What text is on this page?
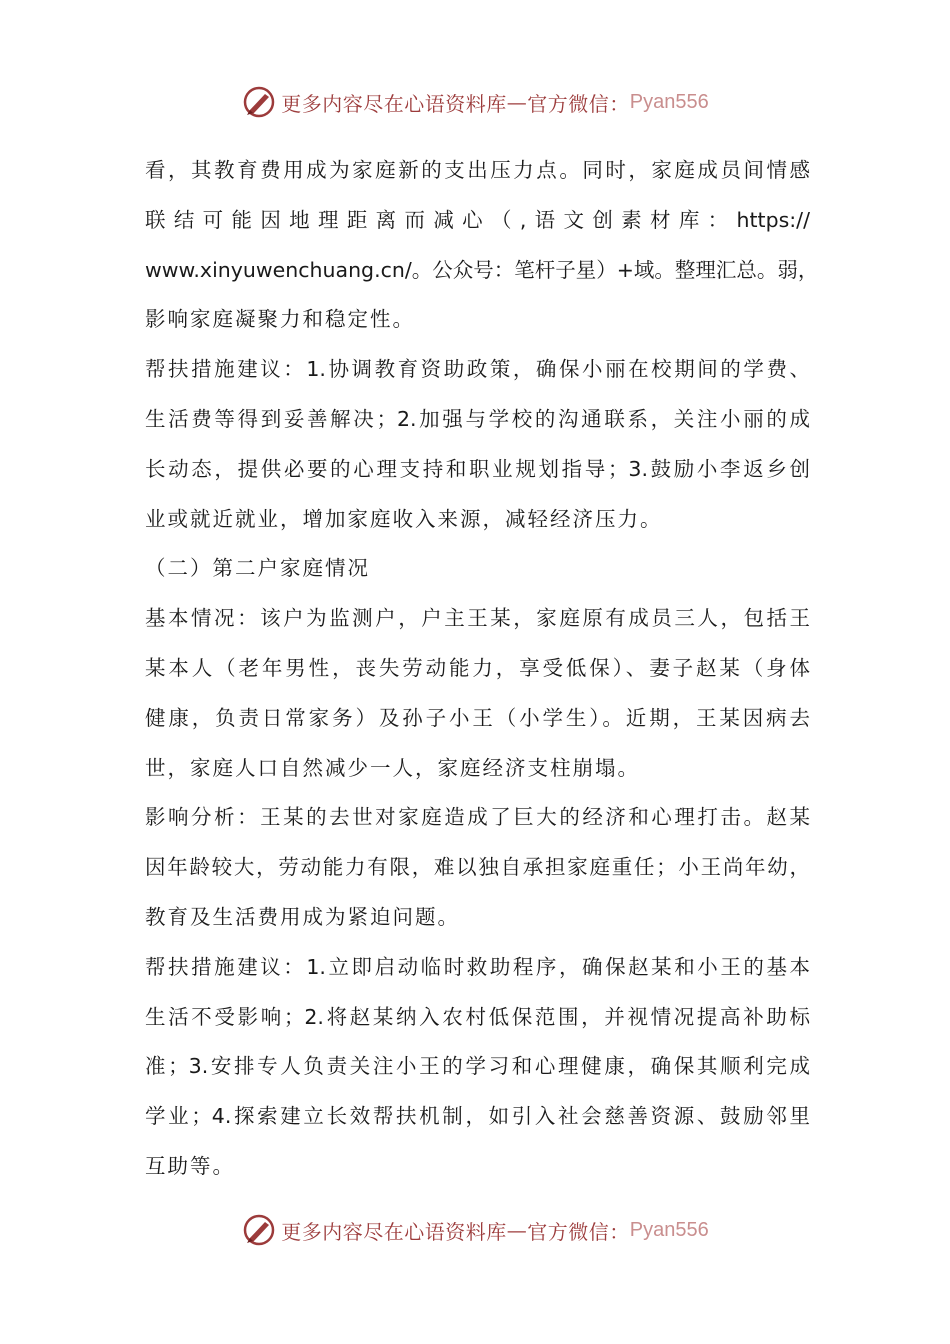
更多内容尽在心语资料库 — 官方微信： Pyan556
看，其教育费用成为家庭新的支出压力点。同时，家庭成员间情感
联结可能因地理距离而减心（,语文创素材库：https://
www.xinyuwenchuang.cn/。公众号：笔杆子星）+域。整理汇总。弱，
影响家庭凝聚力和稳定性。
帮扶措施建议：1.协调教育资助政策，确保小丽在校期间的学费、
生活费等得到妥善解决；2.加强与学校的沟通联系，关注小丽的成
长动态，提供必要的心理支持和职业规划指导；3.鼓励小李返乡创
业或就近就业，增加家庭收入来源，减轻经济压力。
（二）第二户家庭情况
基本情况：该户为监测户，户主王某，家庭原有成员三人，包括王
某本人（老年男性，丧失劳动能力，享受低保）、妻子赵某（身体
健康，负责日常家务）及孙子小王（小学生）。近期，王某因病去
世，家庭人口自然减少一人，家庭经济支柱崩塌。
影响分析：王某的去世对家庭造成了巨大的经济和心理打击。赵某
因年龄较大，劳动能力有限，难以独自承担家庭重任；小王尚年幼，
教育及生活费用成为紧迫问题。
帮扶措施建议：1.立即启动临时救助程序，确保赵某和小王的基本
生活不受影响；2.将赵某纳入农村低保范围，并视情况提高补助标
准；3.安排专人负责关注小王的学习和心理健康，确保其顺利完成
学业；4.探索建立长效帮扶机制，如引入社会慈善资源、鼓励邻里
互助等。
更多内容尽在心语资料库 — 官方微信： Pyan556
